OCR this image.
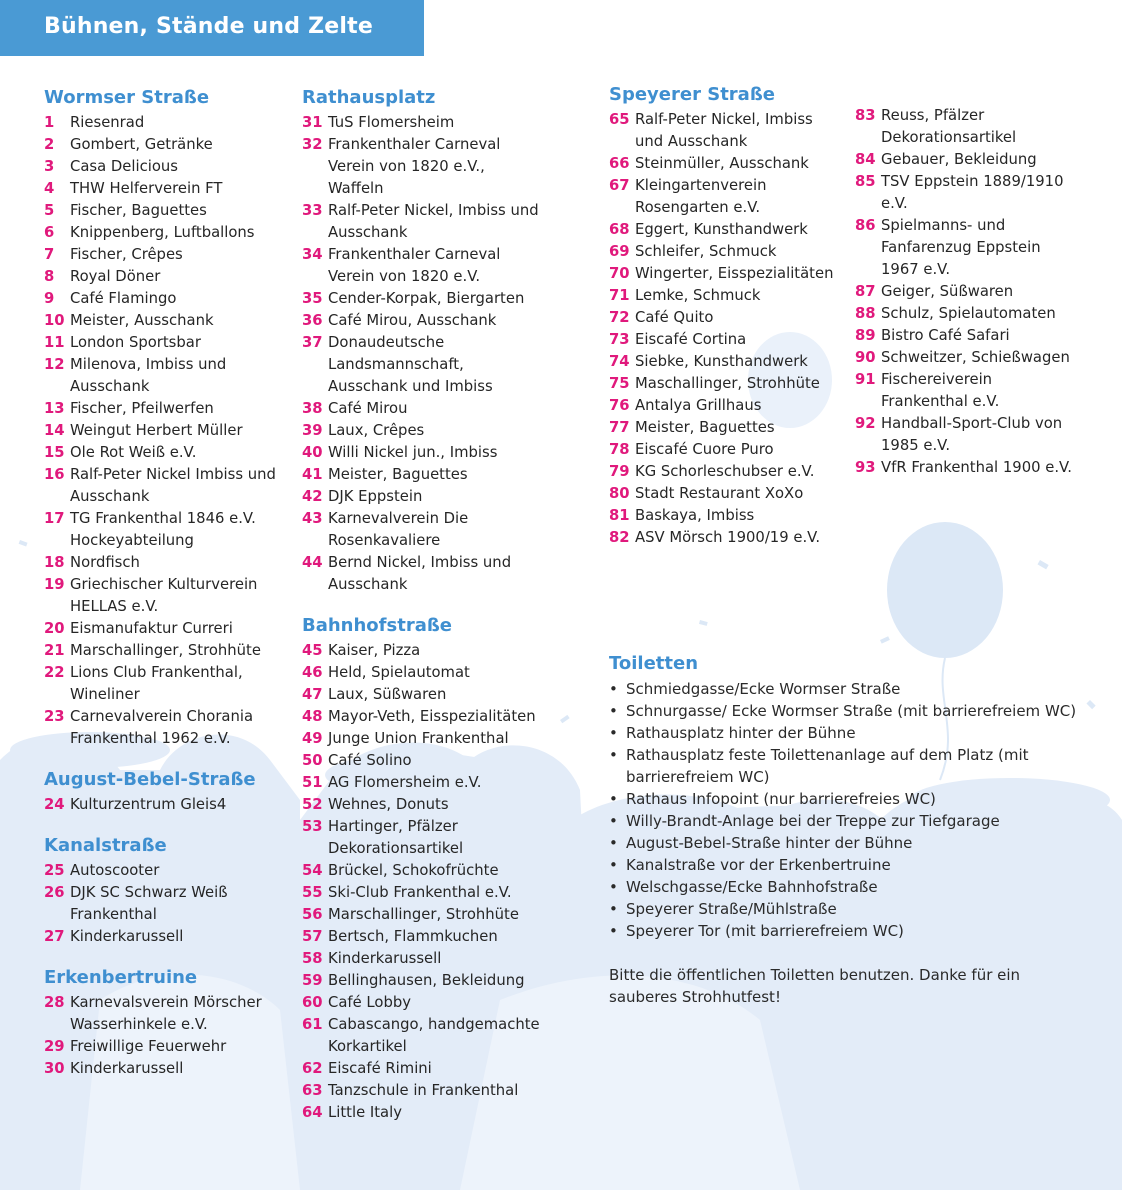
Bühnen, Stände und Zelte
Wormser Straße
1	Riesenrad
2	Gombert, Getränke
3	Casa Delicious
4	THW Helferverein FT
5	Fischer, Baguettes
6	Knippenberg, Luftballons
7	Fischer, Crêpes
8	Royal Döner
9	Café Flamingo
10 Meister, Ausschank
11 London Sportsbar
12 Milenova, Imbiss und Ausschank
13 Fischer, Pfeilwerfen
14 Weingut Herbert Müller
15 Ole Rot Weiß e.V.
16 Ralf-Peter Nickel Imbiss und Ausschank
17 TG Frankenthal 1846 e.V. Hockeyabteilung
18 Nordfisch
19 Griechischer Kulturverein HELLAS e.V.
20 Eismanufaktur Curreri
21 Marschallinger, Strohhüte
22 Lions Club Frankenthal, Wineliner
23 Carnevalverein Chorania Frankenthal 1962 e.V.
August-Bebel-Straße
24 Kulturzentrum Gleis4
Kanalstraße
25 Autoscooter
26 DJK SC Schwarz Weiß Frankenthal
27 Kinderkarussell
Erkenbertruine
28 Karnevalsverein Mörscher Wasserhinkele e.V.
29 Freiwillige Feuerwehr
30 Kinderkarussell
Rathausplatz
31 TuS Flomersheim
32 Frankenthaler Carneval Verein von 1820 e.V., Waffeln
33 Ralf-Peter Nickel, Imbiss und Ausschank
34 Frankenthaler Carneval Verein von 1820 e.V.
35 Cender-Korpak, Biergarten
36 Café Mirou, Ausschank
37 Donaudeutsche Landsmannschaft, Ausschank und Imbiss
38 Café Mirou
39 Laux, Crêpes
40 Willi Nickel jun., Imbiss
41 Meister, Baguettes
42 DJK Eppstein
43 Karnevalverein Die Rosenkavaliere
44 Bernd Nickel, Imbiss und Ausschank
Bahnhofstraße
45 Kaiser, Pizza
46 Held, Spielautomat
47 Laux, Süßwaren
48 Mayor-Veth, Eisspezialitäten
49 Junge Union Frankenthal
50 Café Solino
51 AG Flomersheim e.V.
52 Wehnes, Donuts
53 Hartinger, Pfälzer Dekorationsartikel
54 Brückel, Schokofrüchte
55 Ski-Club Frankenthal e.V.
56 Marschallinger, Strohhüte
57 Bertsch, Flammkuchen
58 Kinderkarussell
59 Bellinghausen, Bekleidung
60 Café Lobby
61 Cabascango, handgemachte Korkartikel
62 Eiscafé Rimini
63 Tanzschule in Frankenthal
64 Little Italy
Speyerer Straße
65 Ralf-Peter Nickel, Imbiss und Ausschank
66 Steinmüller, Ausschank
67 Kleingartenverein Rosengarten e.V.
68 Eggert, Kunsthandwerk
69 Schleifer, Schmuck
70 Wingerter, Eisspezialitäten
71 Lemke, Schmuck
72 Café Quito
73 Eiscafé Cortina
74 Siebke, Kunsthandwerk
75 Maschallinger, Strohhüte
76 Antalya Grillhaus
77 Meister, Baguettes
78 Eiscafé Cuore Puro
79 KG Schorleschubser e.V.
80 Stadt Restaurant XoXo
81 Baskaya, Imbiss
82 ASV Mörsch 1900/19 e.V.
83 Reuss, Pfälzer Dekorationsartikel
84 Gebauer, Bekleidung
85 TSV Eppstein 1889/1910 e.V.
86 Spielmanns- und Fanfarenzug Eppstein 1967 e.V.
87 Geiger, Süßwaren
88 Schulz, Spielautomaten
89 Bistro Café Safari
90 Schweitzer, Schießwagen
91 Fischereiverein Frankenthal e.V.
92 Handball-Sport-Club von 1985 e.V.
93 VfR Frankenthal 1900 e.V.
Toiletten
• Schmiedgasse/Ecke Wormser Straße
• Schnurgasse/ Ecke Wormser Straße (mit barrierefreiem WC)
• Rathausplatz hinter der Bühne
• Rathausplatz feste Toilettenanlage auf dem Platz (mit barrierefreiem WC)
• Rathaus Infopoint (nur barrierefreies WC)
• Willy-Brandt-Anlage bei der Treppe zur Tiefgarage
• August-Bebel-Straße hinter der Bühne
• Kanalstraße vor der Erkenbertruine
• Welschgasse/Ecke Bahnhofstraße
• Speyerer Straße/Mühlstraße
• Speyerer Tor (mit barrierefreiem WC)
Bitte die öffentlichen Toiletten benutzen. Danke für ein sauberes Strohhutfest!
